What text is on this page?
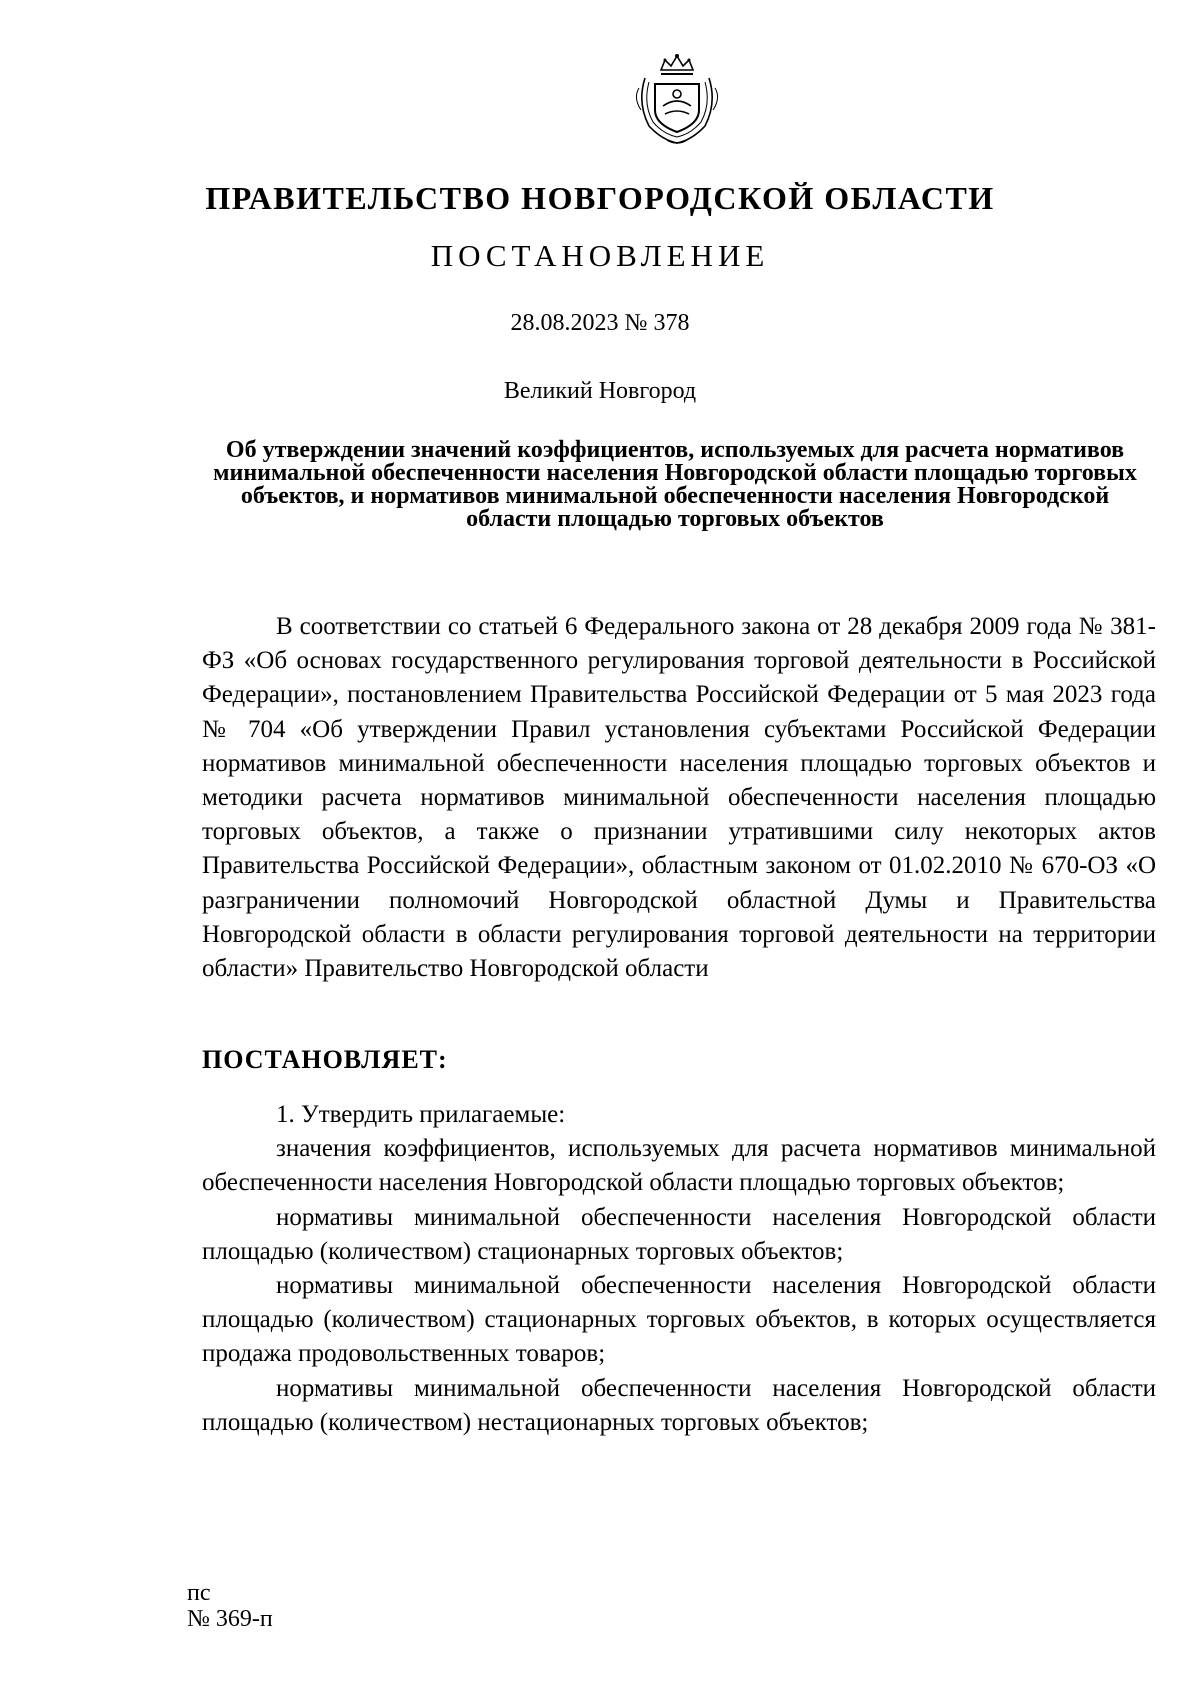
ПРАВИТЕЛЬСТВО НОВГОРОДСКОЙ ОБЛАСТИ
ПОСТАНОВЛЕНИЕ
28.08.2023 № 378
Великий Новгород
Об утверждении значений коэффициентов, используемых для расчета нормативов минимальной обеспеченности населения Новгородской области площадью торговых объектов, и нормативов минимальной обеспеченности населения Новгородской области площадью торговых объектов

В соответствии со статьей 6 Федерального закона от 28 декабря 2009 года № 381-ФЗ «Об основах государственного регулирования торговой деятельности в Российской Федерации», постановлением Правительства Российской Федерации от 5 мая 2023 года № 704 «Об утверждении Правил установления субъектами Российской Федерации нормативов минимальной обеспеченности населения площадью торговых объектов и методики расчета нормативов минимальной обеспеченности населения площадью торговых объектов, а также о признании утратившими силу некоторых актов Правительства Российской Федерации», областным законом от 01.02.2010 № 670-ОЗ «О разграничении полномочий Новгородской областной Думы и Правительства Новгородской области в области регулирования торговой деятельности на территории области» Правительство Новгородской области

ПОСТАНОВЛЯЕТ:

1. Утвердить прилагаемые:

значения коэффициентов, используемых для расчета нормативов минимальной обеспеченности населения Новгородской области площадью торговых объектов;

нормативы минимальной обеспеченности населения Новгородской области площадью (количеством) стационарных торговых объектов;

нормативы минимальной обеспеченности населения Новгородской области площадью (количеством) стационарных торговых объектов, в которых осуществляется продажа продовольственных товаров;

нормативы минимальной обеспеченности населения Новгородской области площадью (количеством) нестационарных торговых объектов;

пс
№ 369-п
